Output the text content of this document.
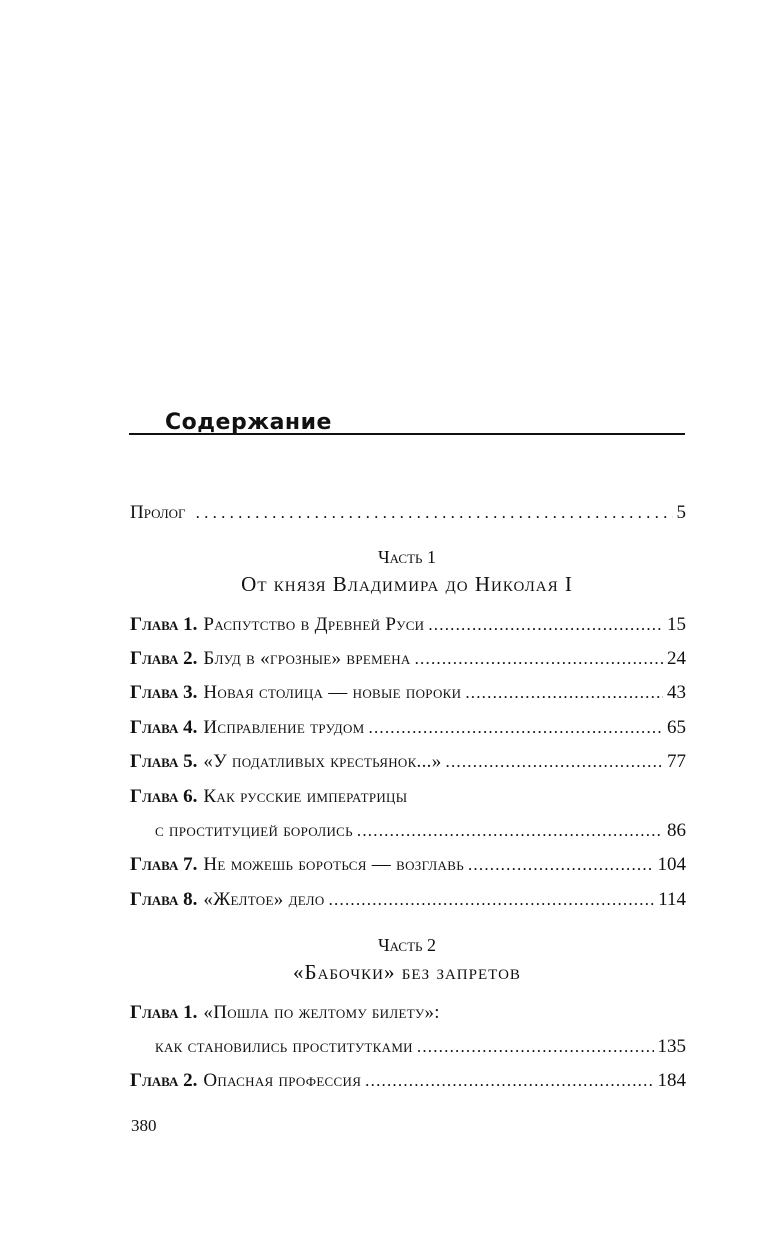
Содержание
Пролог . . .	5
Часть 1
От князя Владимира до Николая I
Глава 1. Распутство в Древней Руси .....	15
Глава 2. Блуд в «грозные» времена .....	24
Глава 3. Новая столица — новые пороки .....	43
Глава 4. Исправление трудом .....	65
Глава 5. «У податливых крестьянок...» .....	77
Глава 6. Как русские императрицы
с проституцией боролись .....	86
Глава 7. Не можешь бороться — возглавь .....	104
Глава 8. «Желтое» дело .....	114
Часть 2
«Бабочки» без запретов
Глава 1. «Пошла по желтому билету»:
как становились проститутками .....	135
Глава 2. Опасная профессия .....	184
380
